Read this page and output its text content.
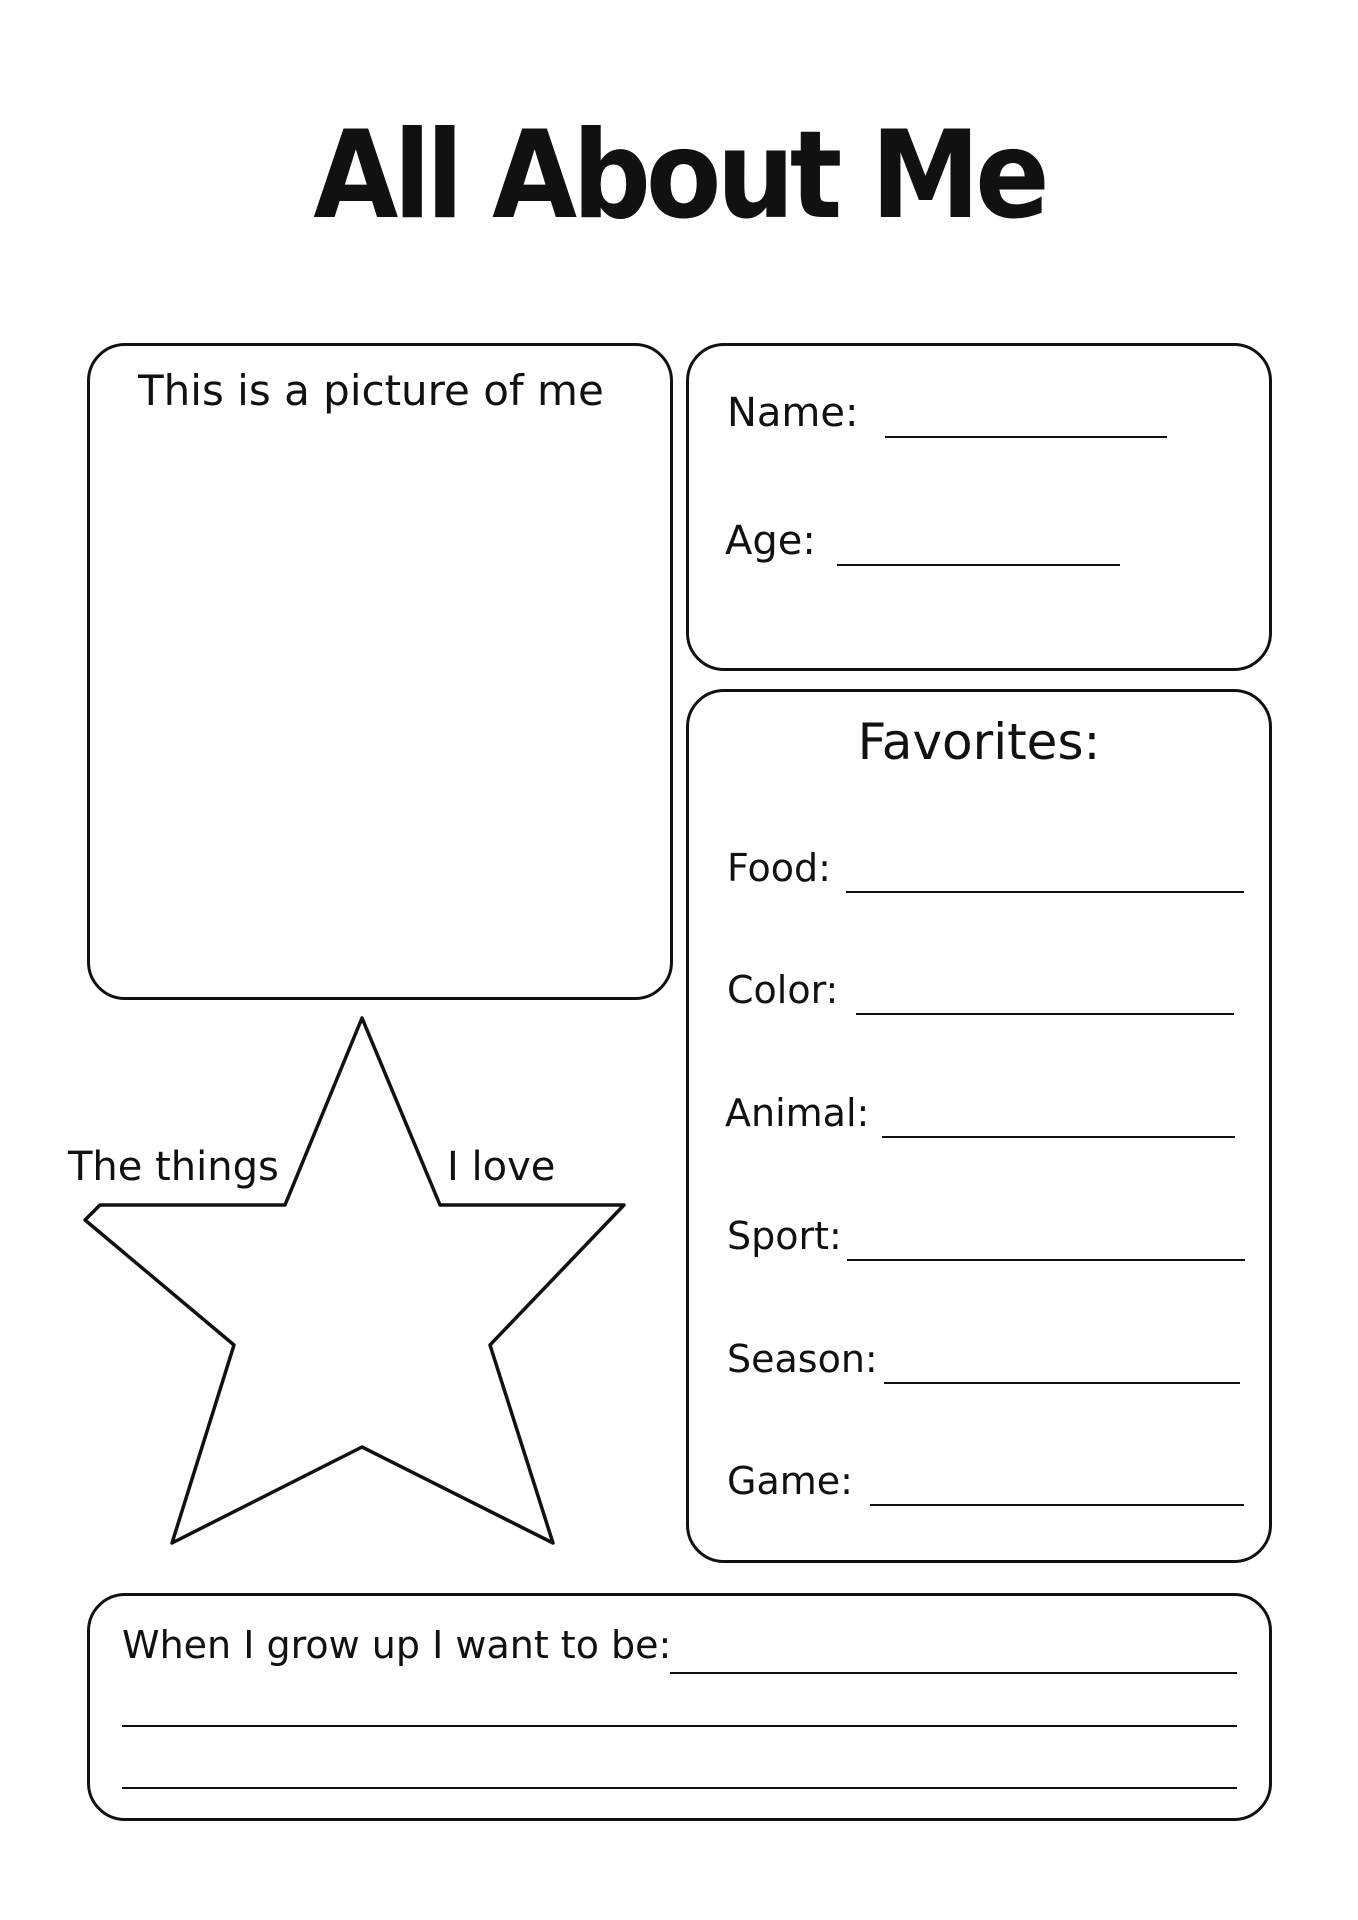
All About Me
This is a picture of me	Name:
Age:
Favorites:
Food:
Color:
Animal:
Sport:
Season:
Game:
The things	I love
When I grow up I want to be:
